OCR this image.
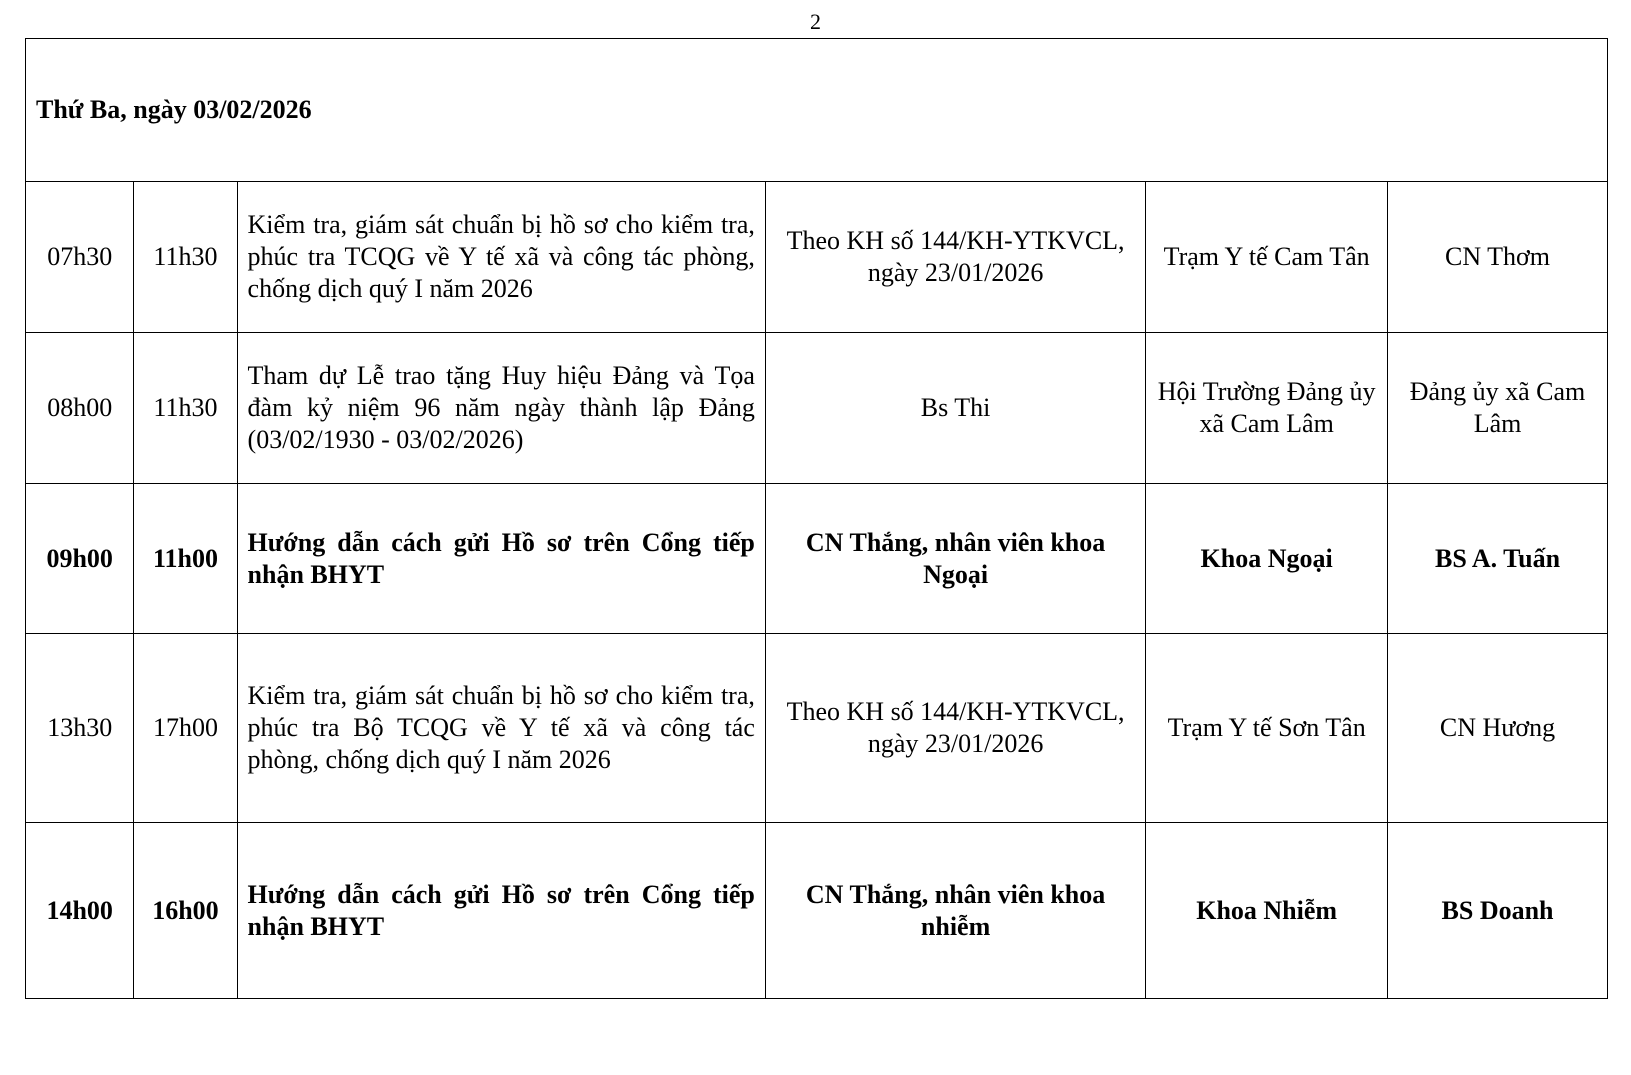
2
Thứ Ba, ngày 03/02/2026					
07h30	11h30	Kiểm tra, giám sát chuẩn bị hồ sơ cho kiểm tra, phúc tra TCQG về Y tế xã và công tác phòng, chống dịch quý I năm 2026	Theo KH số 144/KH-YTKVCL, ngày 23/01/2026	Trạm Y tế Cam Tân	CN Thơm
08h00	11h30	Tham dự Lễ trao tặng Huy hiệu Đảng và Tọa đàm kỷ niệm 96 năm ngày thành lập Đảng (03/02/1930 - 03/02/2026)	Bs Thi	Hội Trường Đảng ủy xã Cam Lâm	Đảng ủy xã Cam Lâm
09h00	11h00	Hướng dẫn cách gửi Hồ sơ trên Cổng tiếp nhận BHYT	CN Thắng, nhân viên khoa Ngoại	Khoa Ngoại	BS A. Tuấn
13h30	17h00	Kiểm tra, giám sát chuẩn bị hồ sơ cho kiểm tra, phúc tra Bộ TCQG về Y tế xã và công tác phòng, chống dịch quý I năm 2026	Theo KH số 144/KH-YTKVCL, ngày 23/01/2026	Trạm Y tế Sơn Tân	CN Hương
14h00	16h00	Hướng dẫn cách gửi Hồ sơ trên Cổng tiếp nhận BHYT	CN Thắng, nhân viên khoa nhiễm	Khoa Nhiễm	BS Doanh
